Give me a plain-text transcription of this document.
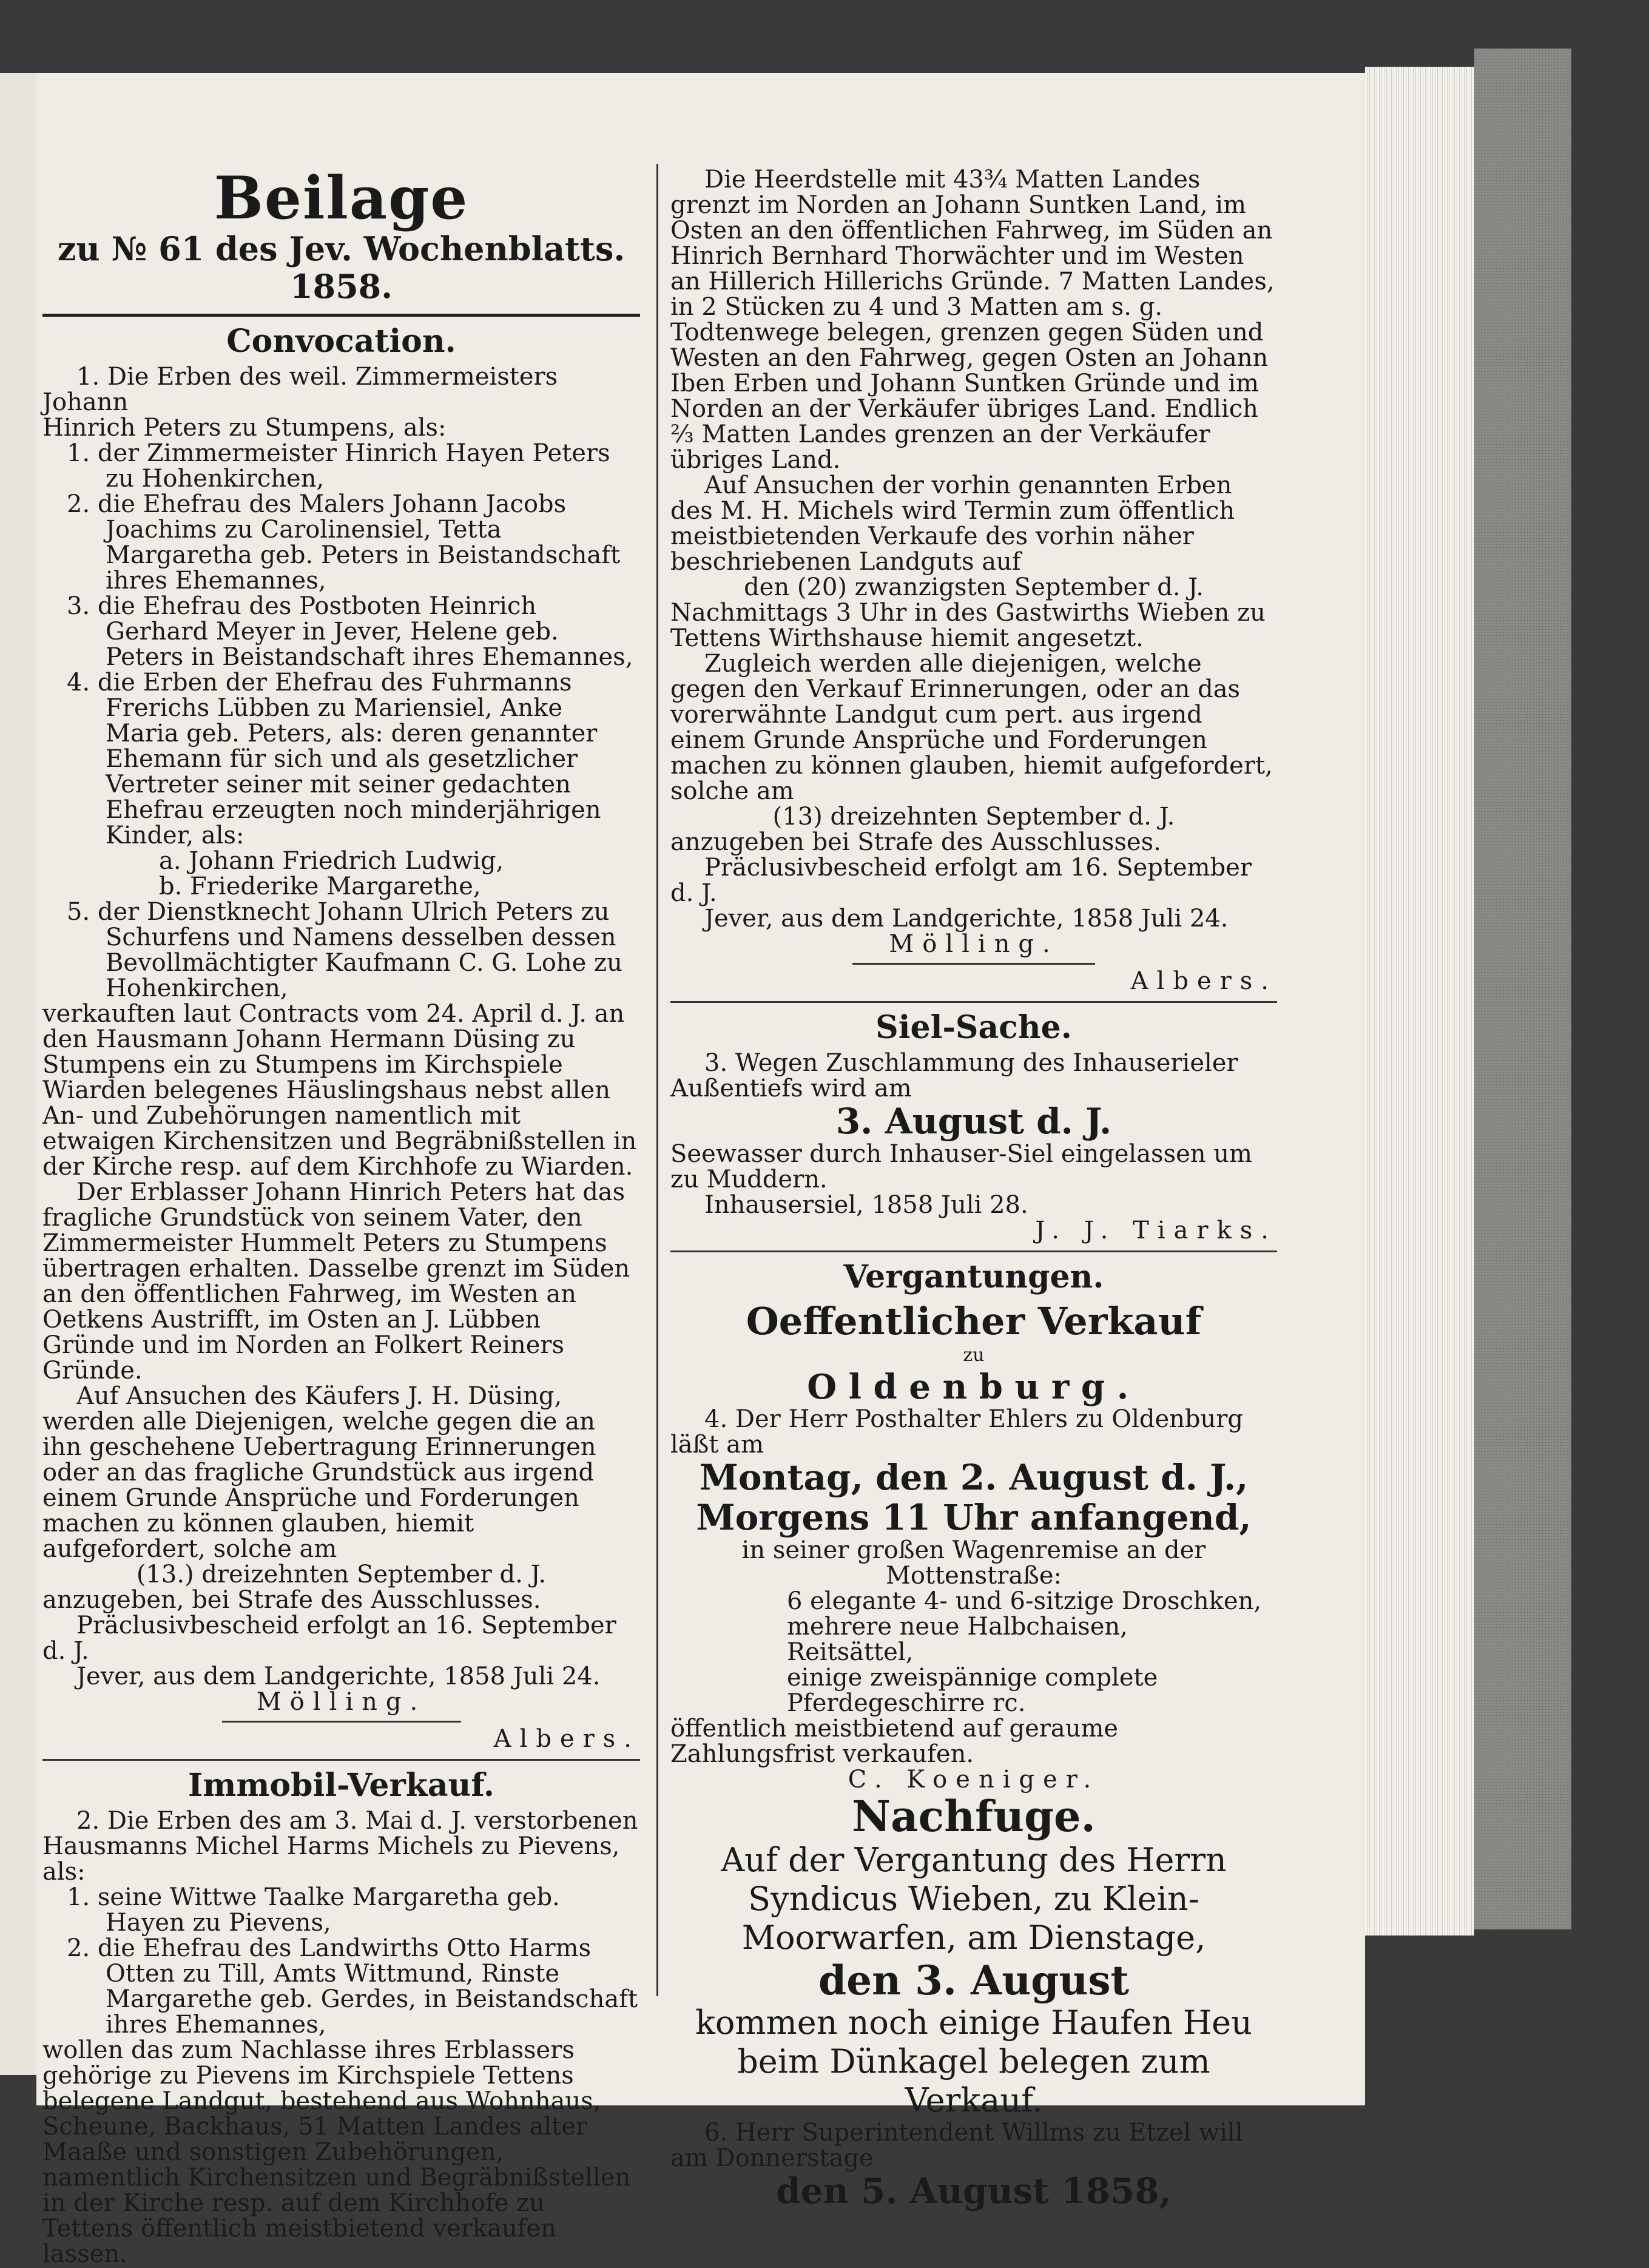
Beilage

zu № 61 des Jev. Wochenblatts. 1858.

Convocation.

1. Die Erben des weil. Zimmermeisters Johann

Hinrich Peters zu Stumpens, als:

1. der Zimmermeister Hinrich Hayen Peters zu Hohenkirchen,

2. die Ehefrau des Malers Johann Jacobs Joachims zu Carolinensiel, Tetta Margaretha geb. Peters in Beistandschaft ihres Ehemannes,

3. die Ehefrau des Postboten Heinrich Gerhard Meyer in Jever, Helene geb. Peters in Beistandschaft ihres Ehemannes,

4. die Erben der Ehefrau des Fuhrmanns Frerichs Lübben zu Mariensiel, Anke Maria geb. Peters, als: deren genannter Ehemann für sich und als gesetzlicher Vertreter seiner mit seiner gedachten Ehefrau erzeugten noch minderjährigen Kinder, als:

a. Johann Friedrich Ludwig,

b. Friederike Margarethe,

5. der Dienstknecht Johann Ulrich Peters zu Schurfens und Namens desselben dessen Bevollmächtigter Kaufmann C. G. Lohe zu Hohenkirchen,

verkauften laut Contracts vom 24. April d. J. an den Hausmann Johann Hermann Düsing zu Stumpens ein zu Stumpens im Kirchspiele Wiarden belegenes Häuslingshaus nebst allen An- und Zubehörungen namentlich mit etwaigen Kirchensitzen und Begräbnißstellen in der Kirche resp. auf dem Kirchhofe zu Wiarden.

Der Erblasser Johann Hinrich Peters hat das fragliche Grundstück von seinem Vater, den Zimmermeister Hummelt Peters zu Stumpens übertragen erhalten. Dasselbe grenzt im Süden an den öffentlichen Fahrweg, im Westen an Oetkens Austrifft, im Osten an J. Lübben Gründe und im Norden an Folkert Reiners Gründe.

Auf Ansuchen des Käufers J. H. Düsing, werden alle Diejenigen, welche gegen die an ihn geschehene Uebertragung Erinnerungen oder an das fragliche Grundstück aus irgend einem Grunde Ansprüche und Forderungen machen zu können glauben, hiemit aufgefordert, solche am

(13.) dreizehnten September d. J.

anzugeben, bei Strafe des Ausschlusses.

Präclusivbescheid erfolgt an 16. September d. J.

Jever, aus dem Landgerichte, 1858 Juli 24.

Mölling.

Albers.

Immobil-Verkauf.

2. Die Erben des am 3. Mai d. J. verstorbenen Hausmanns Michel Harms Michels zu Pievens, als:

1. seine Wittwe Taalke Margaretha geb. Hayen zu Pievens,

2. die Ehefrau des Landwirths Otto Harms Otten zu Till, Amts Wittmund, Rinste Margarethe geb. Gerdes, in Beistandschaft ihres Ehemannes,

wollen das zum Nachlasse ihres Erblassers gehörige zu Pievens im Kirchspiele Tettens belegene Landgut, bestehend aus Wohnhaus, Scheune, Backhaus, 51 Matten Landes alter Maaße und sonstigen Zubehörungen, namentlich Kirchensitzen und Begräbnißstellen in der Kirche resp. auf dem Kirchhofe zu Tettens öffentlich meistbietend verkaufen lassen.

Die Heerdstelle mit 43¾ Matten Landes grenzt im Norden an Johann Suntken Land, im Osten an den öffentlichen Fahrweg, im Süden an Hinrich Bernhard Thorwächter und im Westen an Hillerich Hillerichs Gründe. 7 Matten Landes, in 2 Stücken zu 4 und 3 Matten am s. g. Todtenwege belegen, grenzen gegen Süden und Westen an den Fahrweg, gegen Osten an Johann Iben Erben und Johann Suntken Gründe und im Norden an der Verkäufer übriges Land. Endlich ⅔ Matten Landes grenzen an der Verkäufer übriges Land.

Auf Ansuchen der vorhin genannten Erben des M. H. Michels wird Termin zum öffentlich meistbietenden Verkaufe des vorhin näher beschriebenen Landguts auf

den (20) zwanzigsten September d. J.

Nachmittags 3 Uhr in des Gastwirths Wieben zu Tettens Wirthshause hiemit angesetzt.

Zugleich werden alle diejenigen, welche gegen den Verkauf Erinnerungen, oder an das vorerwähnte Landgut cum pert. aus irgend einem Grunde Ansprüche und Forderungen machen zu können glauben, hiemit aufgefordert, solche am

(13) dreizehnten September d. J.

anzugeben bei Strafe des Ausschlusses.

Präclusivbescheid erfolgt am 16. September d. J.

Jever, aus dem Landgerichte, 1858 Juli 24.

Mölling.

Albers.

Siel-Sache.

3. Wegen Zuschlammung des Inhauserieler Außentiefs wird am

3. August d. J.

Seewasser durch Inhauser-Siel eingelassen um zu Muddern.

Inhausersiel, 1858 Juli 28.

J. J. Tiarks.

Vergantungen.

Oeffentlicher Verkauf

zu

Oldenburg.

4. Der Herr Posthalter Ehlers zu Oldenburg läßt am

Montag, den 2. August d. J.,

Morgens 11 Uhr anfangend,

in seiner großen Wagenremise an der Mottenstraße:

6 elegante 4- und 6-sitzige Droschken,

mehrere neue Halbchaisen,

Reitsättel,

einige zweispännige complete Pferdegeschirre rc.

öffentlich meistbietend auf geraume Zahlungsfrist verkaufen.

C. Koeniger.

Nachfuge.

Auf der Vergantung des Herrn Syndicus Wieben, zu Klein-Moorwarfen, am Dienstage,

den 3. August

kommen noch einige Haufen Heu beim Dünkagel belegen zum Verkauf.

6. Herr Superintendent Willms zu Etzel will am Donnerstage

den 5. August 1858,
